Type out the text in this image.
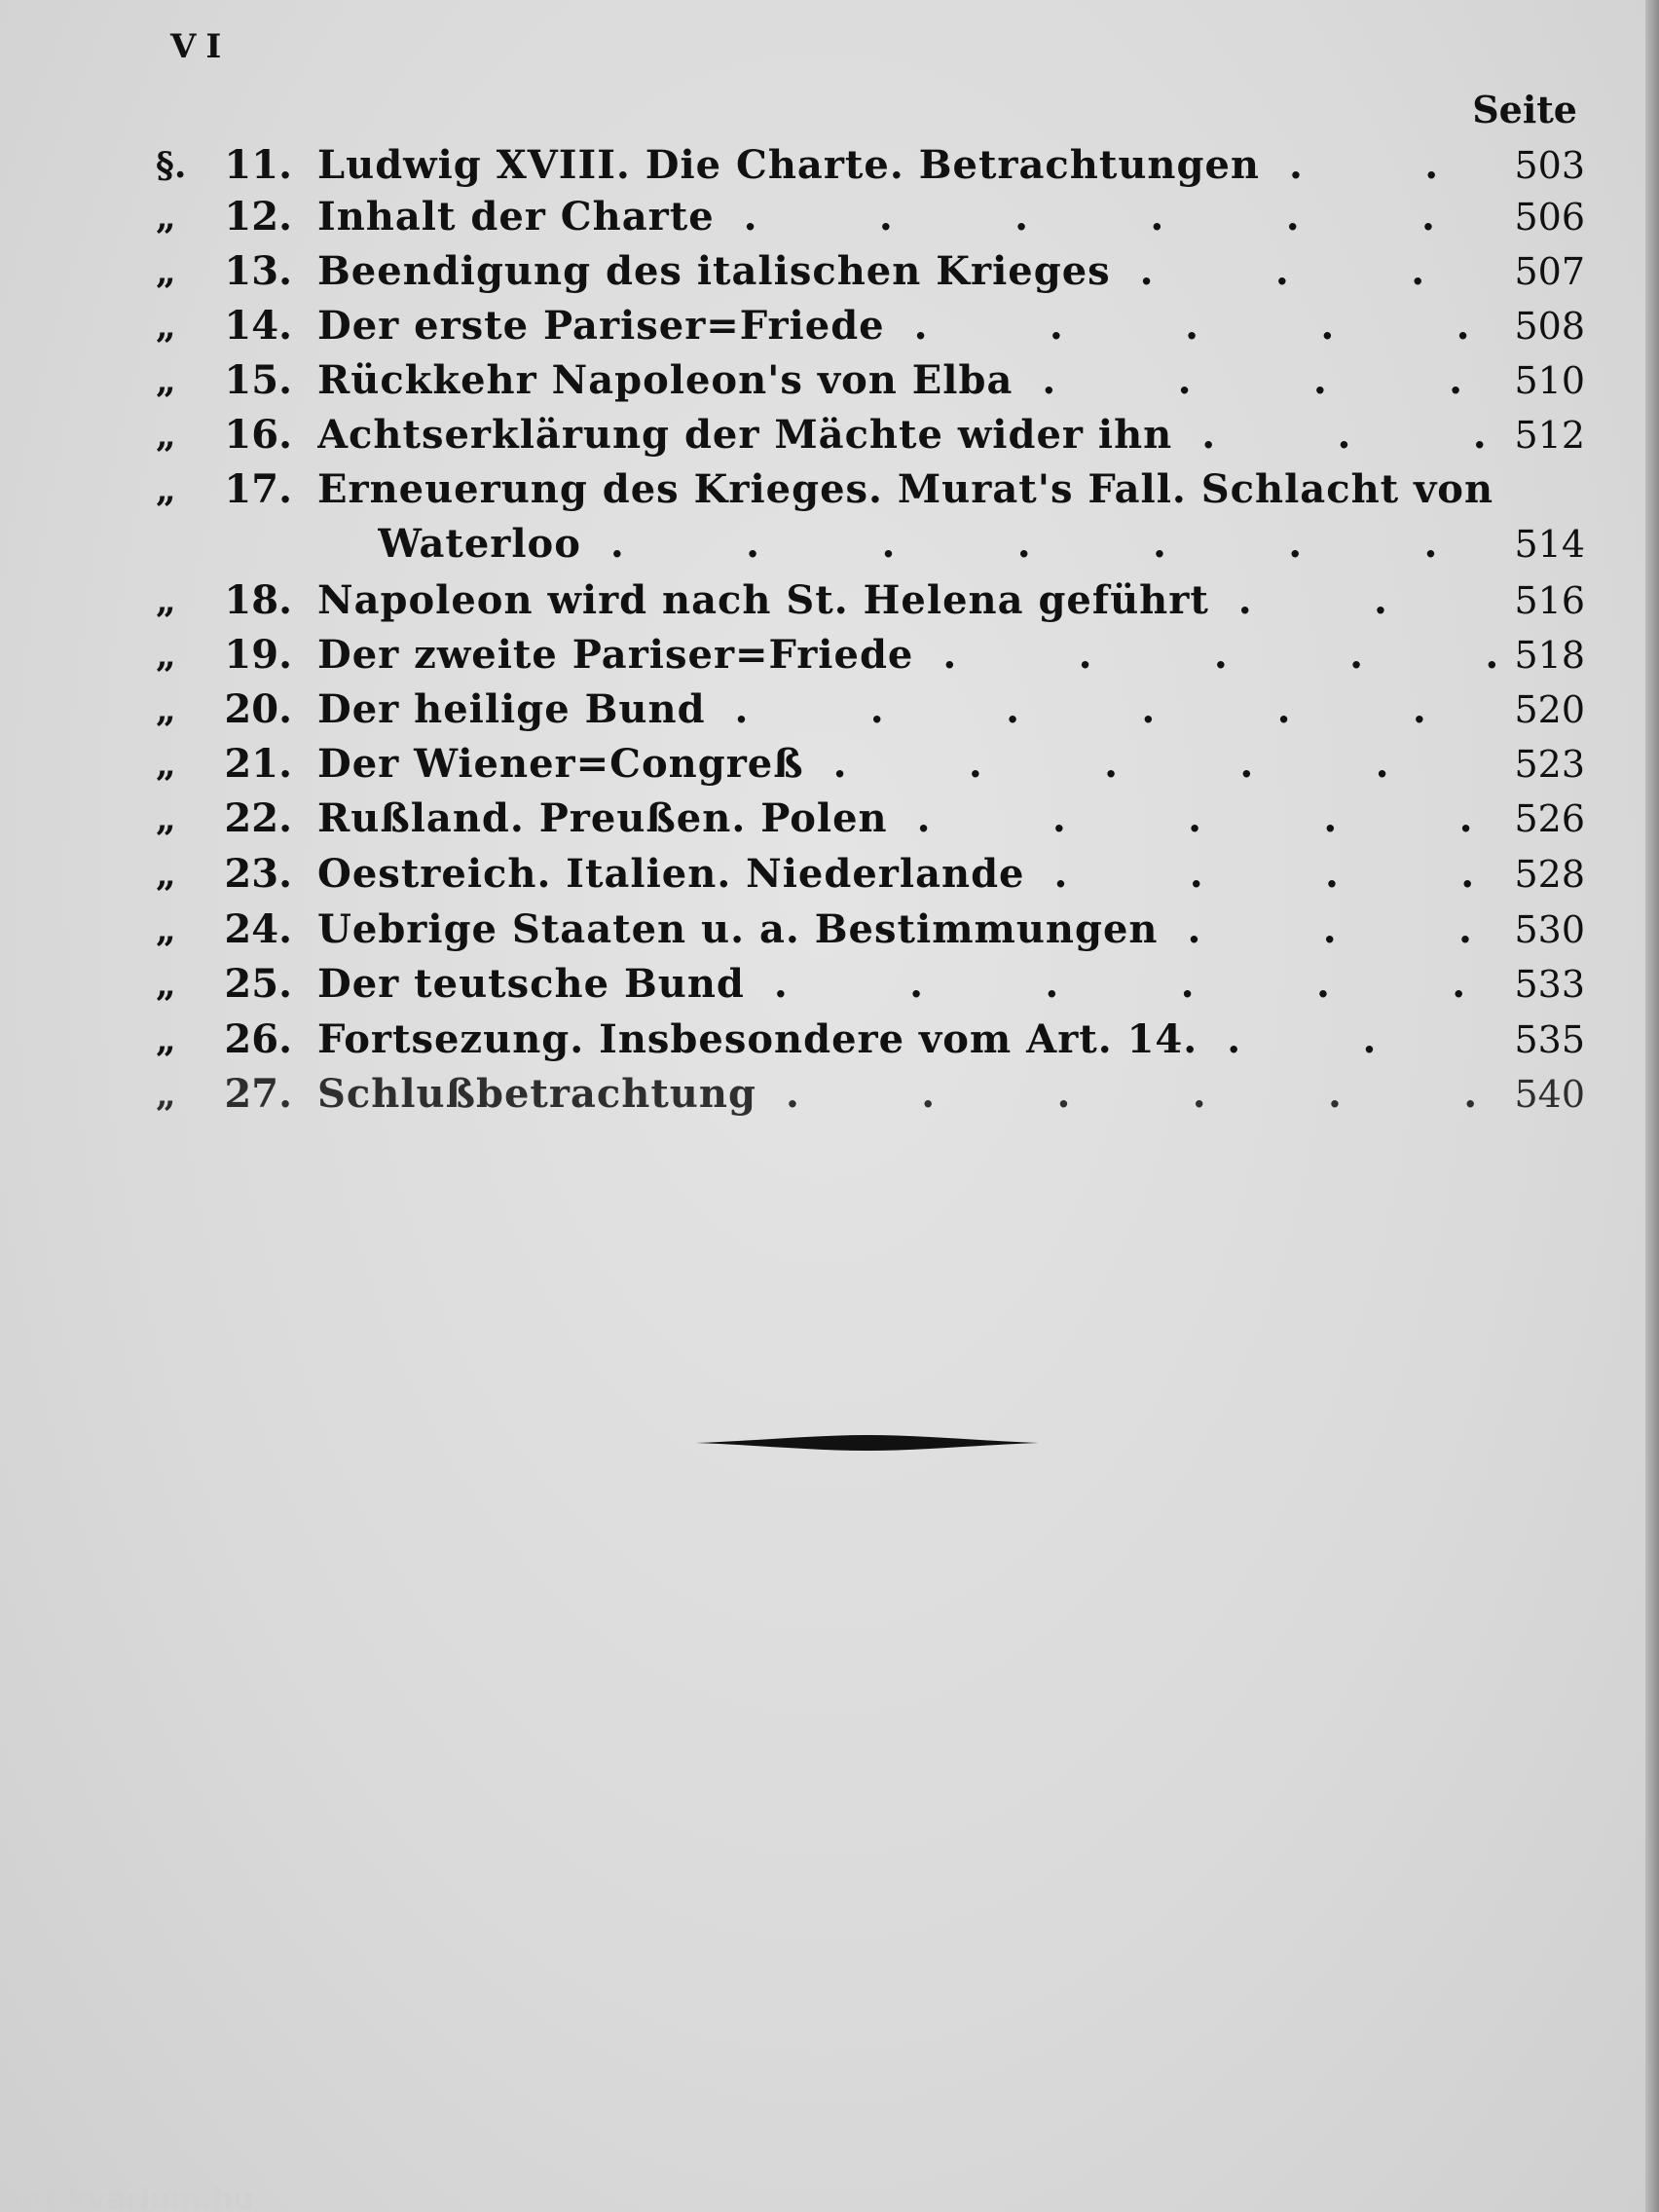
VI
Seite
§. 11. Ludwig XVIII. Die Charte. Betrachtungen .	503
„	12. Inhalt der Charte .	506
„	13. Beendigung des italischen Krieges .	507
„	14. Der erste Pariser=Friede .	508
„	15. Rückkehr Napoleon's von Elba .	510
„	16. Achtserklärung der Mächte wider ihn .	512
„	17. Erneuerung des Krieges. Murat's Fall. Schlacht von
Waterloo .	514
„	18. Napoleon wird nach St. Helena geführt .	516
„	19. Der zweite Pariser=Friede .	518
„	20. Der heilige Bund .	520
„	21. Der Wiener=Congreß .	523
„	22. Rußland. Preußen. Polen .	526
„	23. Oestreich. Italien. Niederlande .	528
„	24. Uebrige Staaten u. a. Bestimmungen .	530
„	25. Der teutsche Bund .	533
„	26. Fortsezung. Insbesondere vom Art. 14. .	535
„	27. Schlußbetrachtung .	540
Antikvárium.hu
